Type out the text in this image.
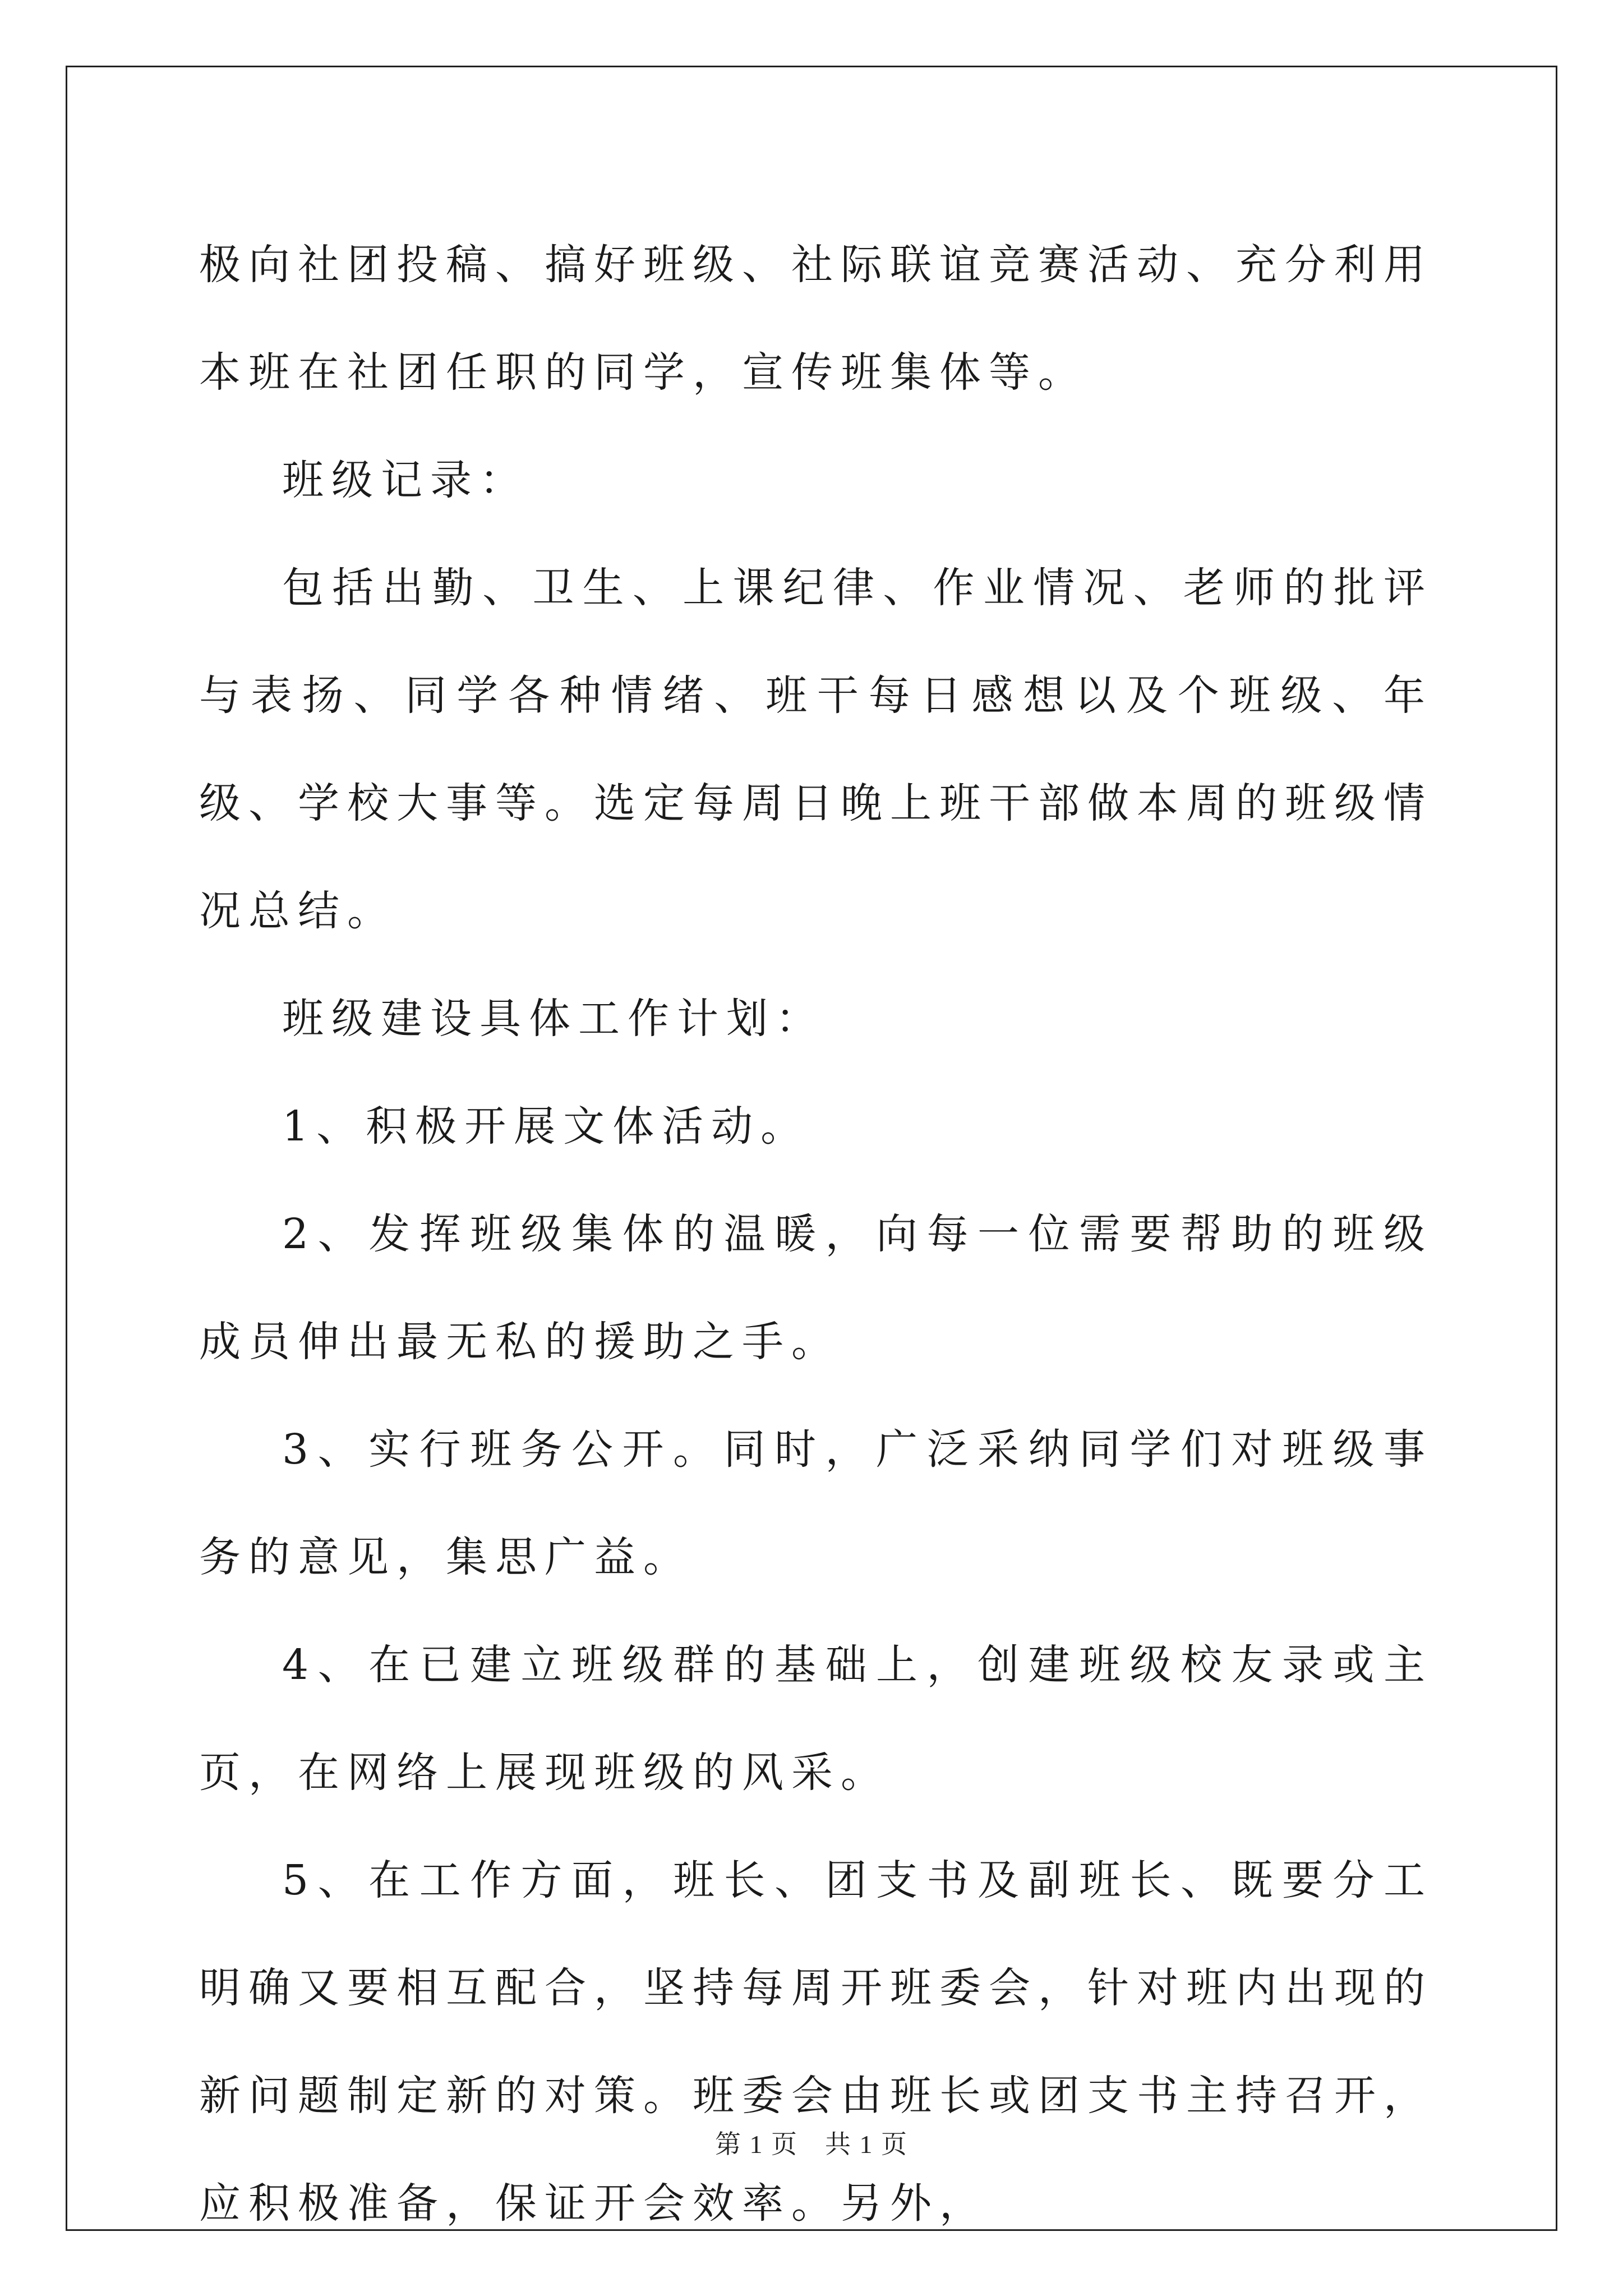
极向社团投稿、搞好班级、社际联谊竞赛活动、充分利用本班在社团任职的同学，宣传班集体等。

班级记录：

包括出勤、卫生、上课纪律、作业情况、老师的批评与表扬、同学各种情绪、班干每日感想以及个班级、年级、学校大事等。选定每周日晚上班干部做本周的班级情况总结。

班级建设具体工作计划：

1、积极开展文体活动。

2、发挥班级集体的温暖，向每一位需要帮助的班级成员伸出最无私的援助之手。

3、实行班务公开。同时，广泛采纳同学们对班级事务的意见，集思广益。

4、在已建立班级群的基础上，创建班级校友录或主页，在网络上展现班级的风采。

5、在工作方面，班长、团支书及副班长、既要分工明确又要相互配合，坚持每周开班委会，针对班内出现的新问题制定新的对策。班委会由班长或团支书主持召开，应积极准备，保证开会效率。另外，

第 1 页　共 1 页
